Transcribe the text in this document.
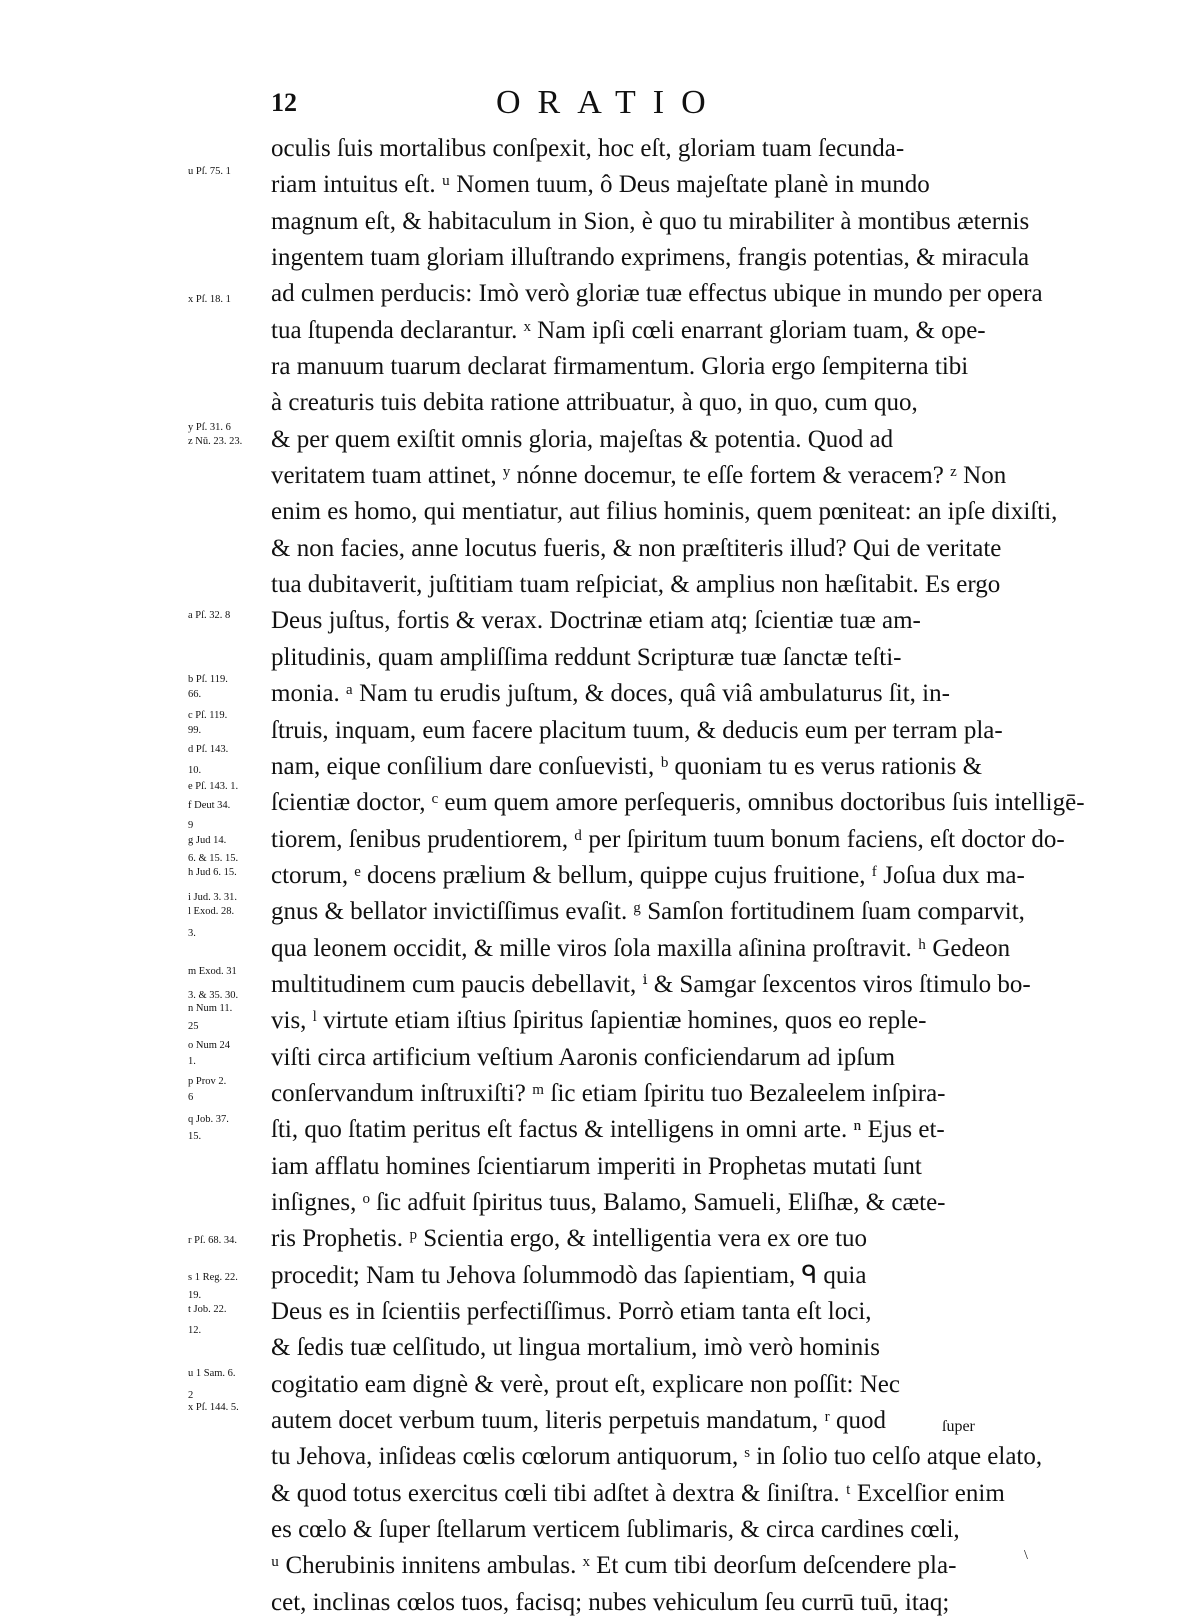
12	ORATIO
oculis ſuis mortalibus conſpexit, hoc eſt, gloriam tuam ſecunda-
riam intuitus eſt. ᵘ Nomen tuum, ô Deus majeſtate planè in mundo
magnum eſt, & habitaculum in Sion, è quo tu mirabiliter à montibus æternis
ingentem tuam gloriam illuſtrando exprimens, frangis potentias, & miracula
ad culmen perducis: Imò verò gloriæ tuæ effectus ubique in mundo per opera
tua ſtupenda declarantur. ˣ Nam ipſi cœli enarrant gloriam tuam, & ope-
ra manuum tuarum declarat firmamentum. Gloria ergo ſempiterna tibi
à creaturis tuis debita ratione attribuatur, à quo, in quo, cum quo,
& per quem exiſtit omnis gloria, majeſtas & potentia. Quod ad
veritatem tuam attinet, ʸ nónne docemur, te eſſe fortem & veracem? ᶻ Non
enim es homo, qui mentiatur, aut filius hominis, quem pœniteat: an ipſe dixiſti,
& non facies, anne locutus fueris, & non præſtiteris illud? Qui de veritate
tua dubitaverit, juſtitiam tuam reſpiciat, & amplius non hæſitabit. Es ergo
Deus juſtus, fortis & verax. Doctrinæ etiam atq; ſcientiæ tuæ am-
plitudinis, quam ampliſſima reddunt Scripturæ tuæ ſanctæ teſti-
monia. ᵃ Nam tu erudis juſtum, & doces, quâ viâ ambulaturus ſit, in-
ſtruis, inquam, eum facere placitum tuum, & deducis eum per terram pla-
nam, eique conſilium dare conſuevisti, ᵇ quoniam tu es verus rationis &
ſcientiæ doctor, ᶜ eum quem amore perſequeris, omnibus doctoribus ſuis intelligē-
tiorem, ſenibus prudentiorem, ᵈ per ſpiritum tuum bonum faciens, eſt doctor do-
ctorum, ᵉ docens prælium & bellum, quippe cujus fruitione, ᶠ Joſua dux ma-
gnus & bellator invictiſſimus evaſit. ᵍ Samſon fortitudinem ſuam comparvit,
qua leonem occidit, & mille viros ſola maxilla aſinina proſtravit. ʰ Gedeon
multitudinem cum paucis debellavit, ⁱ & Samgar ſexcentos viros ſtimulo bo-
vis, ˡ virtute etiam iſtius ſpiritus ſapientiæ homines, quos eo reple-
viſti circa artificium veſtium Aaronis conficiendarum ad ipſum
conſervandum inſtruxiſti? ᵐ ſic etiam ſpiritu tuo Bezaleelem inſpira-
ſti, quo ſtatim peritus eſt factus & intelligens in omni arte. ⁿ Ejus et-
iam afflatu homines ſcientiarum imperiti in Prophetas mutati ſunt
inſignes, ᵒ ſic adfuit ſpiritus tuus, Balamo, Samueli, Eliſhæ, & cæte-
ris Prophetis. ᵖ Scientia ergo, & intelligentia vera ex ore tuo
procedit; Nam tu Jehova ſolummodò das ſapientiam, ᑫ quia
Deus es in ſcientiis perfectiſſimus. Porrò etiam tanta eſt loci,
& ſedis tuæ celſitudo, ut lingua mortalium, imò verò hominis
cogitatio eam dignè & verè, prout eſt, explicare non poſſit: Nec
autem docet verbum tuum, literis perpetuis mandatum, ʳ quod
tu Jehova, inſideas cœlis cœlorum antiquorum, ˢ in ſolio tuo celſo atque elato,
& quod totus exercitus cœli tibi adſtet à dextra & ſiniſtra. ᵗ Excelſior enim
es cœlo & ſuper ſtellarum verticem ſublimaris, & circa cardines cœli,
ᵘ Cherubinis innitens ambulas. ˣ Et cum tibi deorſum deſcendere pla-
cet, inclinas cœlos tuos, facisq; nubes vehiculum ſeu currū tuū, itaq;
u Pſ. 75. 1
x Pſ. 18. 1
y Pſ. 31. 6
z Nū. 23. 23.
a Pſ. 32. 8
b Pſ. 119.
66.
c Pſ. 119.
99.
d Pſ. 143.
10.
e Pſ. 143. 1.
f Deut 34.
9
g Jud 14.
6. & 15. 15.
h Jud 6. 15.
i Jud. 3. 31.
l Exod. 28.
3.
m Exod. 31
3. & 35. 30.
n Num 11.
25
o Num 24
1.
p Prov 2.
6
q Job. 37.
15.
r Pſ. 68. 34.
s 1 Reg. 22.
19.
t Job. 22.
12.
u 1 Sam. 6.
2
x Pſ. 144. 5.
ſuper
\
